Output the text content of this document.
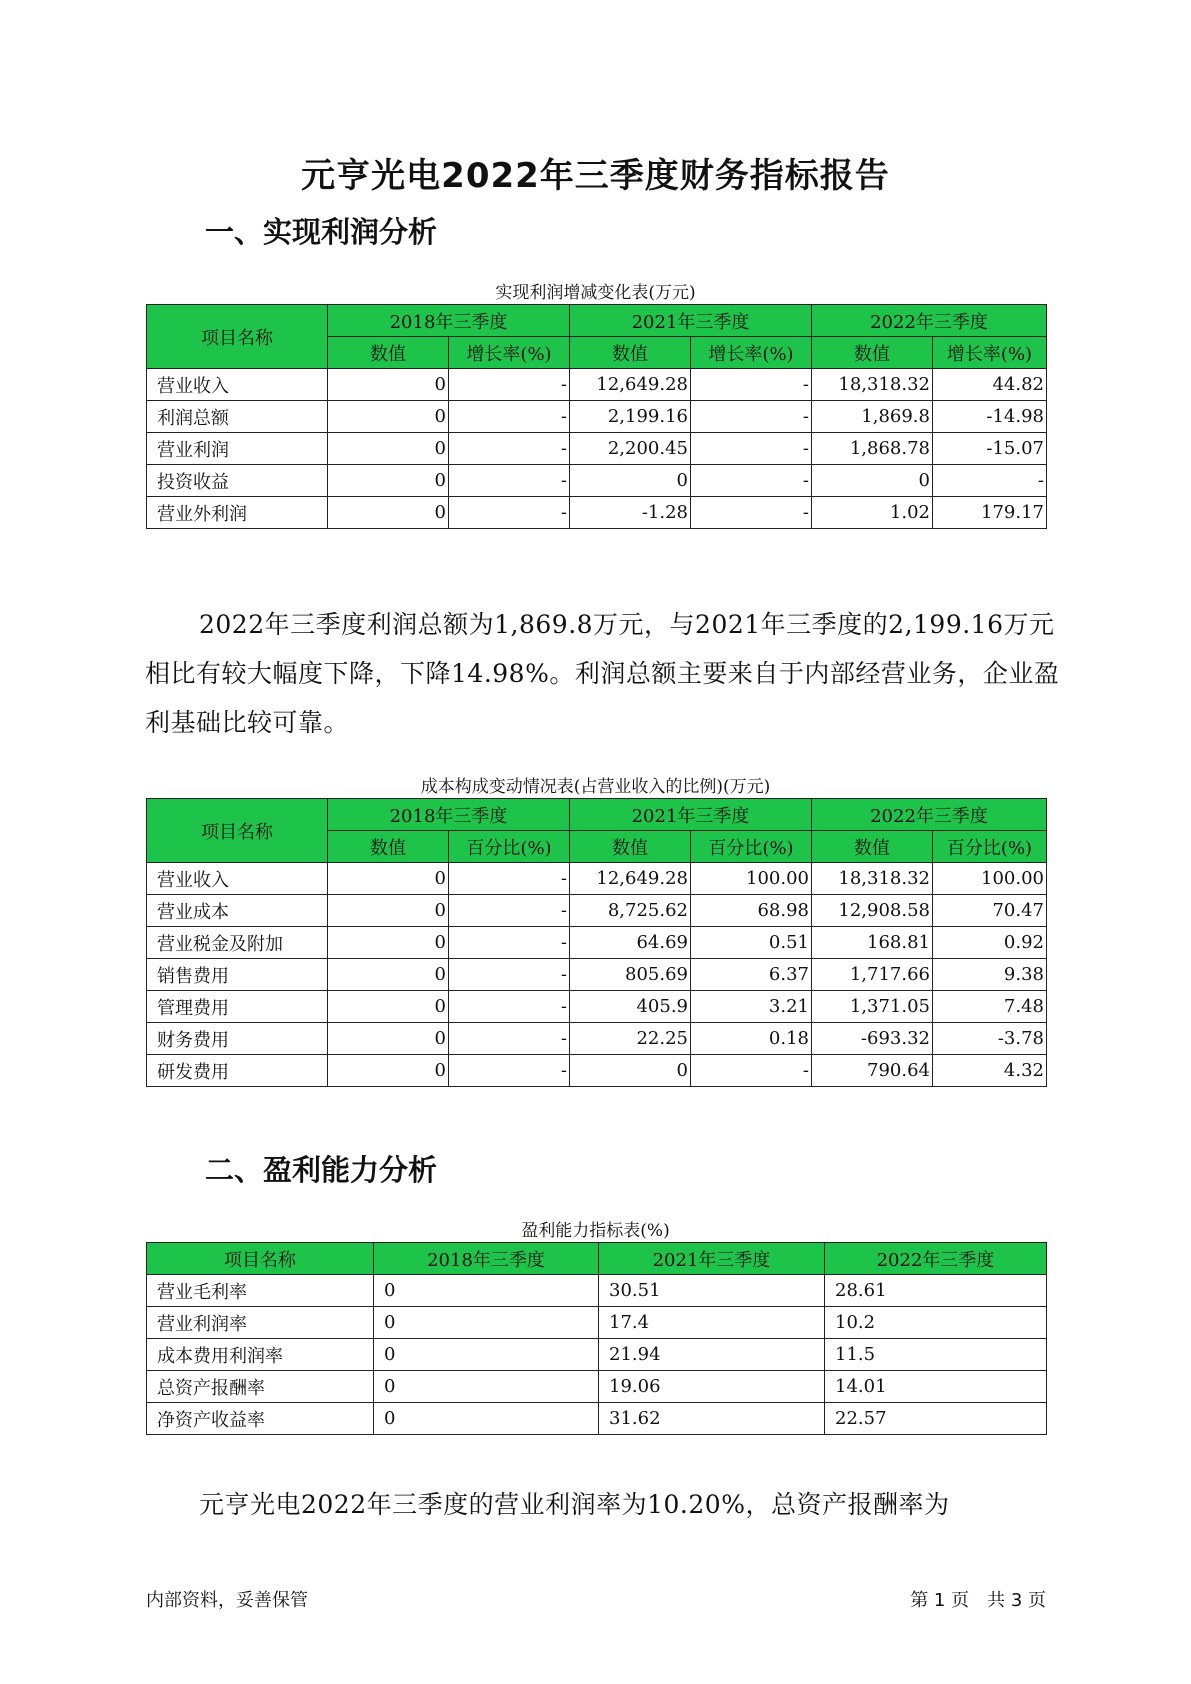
元亨光电2022年三季度财务指标报告
一、实现利润分析
实现利润增减变化表(万元)
项目名称	2018年三季度		2021年三季度		2022年三季度	
	数值	增长率(%)	数值	增长率(%)	数值	增长率(%)
营业收入	0	-	12,649.28	-	18,318.32	44.82
利润总额	0	-	2,199.16	-	1,869.8	-14.98
营业利润	0	-	2,200.45	-	1,868.78	-15.07
投资收益	0	-	0	-	0	-
营业外利润	0	-	-1.28	-	1.02	179.17
2022年三季度利润总额为1,869.8万元，与2021年三季度的2,199.16万元相比有较大幅度下降，下降14.98%。利润总额主要来自于内部经营业务，企业盈利基础比较可靠。
成本构成变动情况表(占营业收入的比例)(万元)
项目名称	2018年三季度		2021年三季度		2022年三季度	
	数值	百分比(%)	数值	百分比(%)	数值	百分比(%)
营业收入	0	-	12,649.28	100.00	18,318.32	100.00
营业成本	0	-	8,725.62	68.98	12,908.58	70.47
营业税金及附加	0	-	64.69	0.51	168.81	0.92
销售费用	0	-	805.69	6.37	1,717.66	9.38
管理费用	0	-	405.9	3.21	1,371.05	7.48
财务费用	0	-	22.25	0.18	-693.32	-3.78
研发费用	0	-	0	-	790.64	4.32
二、盈利能力分析
盈利能力指标表(%)
项目名称	2018年三季度	2021年三季度	2022年三季度
营业毛利率	0	30.51	28.61
营业利润率	0	17.4	10.2
成本费用利润率	0	21.94	11.5
总资产报酬率	0	19.06	14.01
净资产收益率	0	31.62	22.57
元亨光电2022年三季度的营业利润率为10.20%，总资产报酬率为
内部资料，妥善保管	第 1 页　共 3 页
